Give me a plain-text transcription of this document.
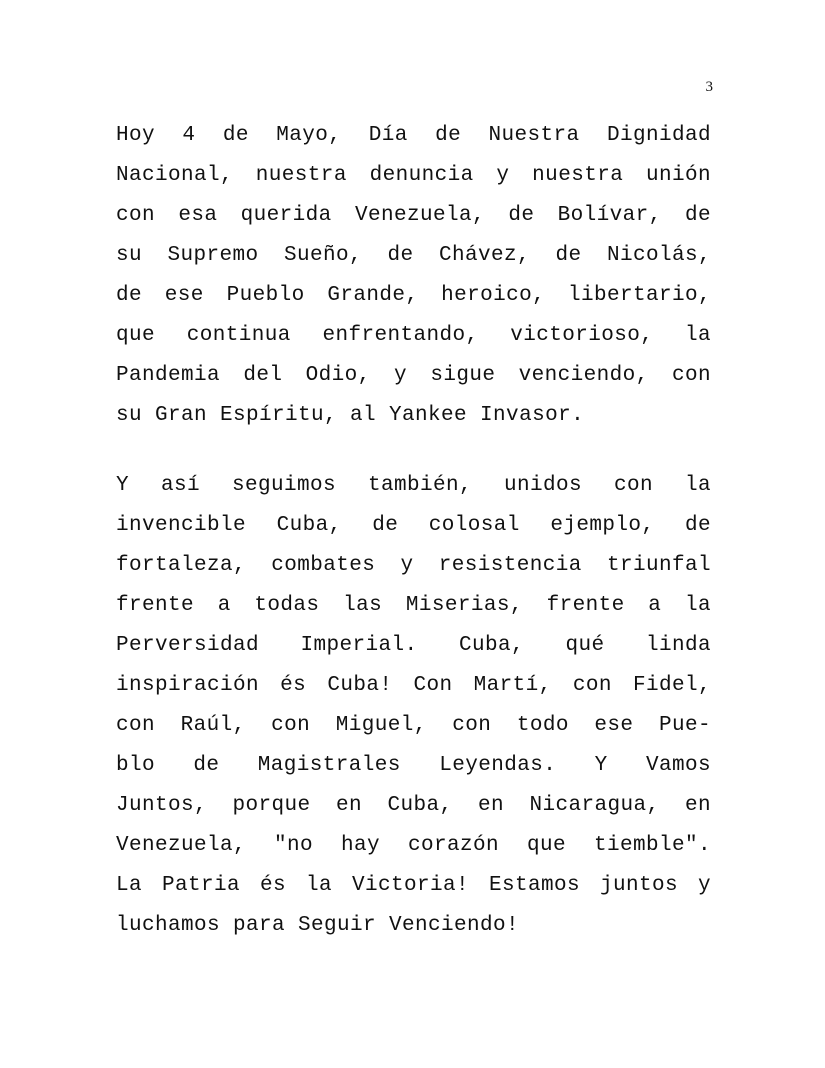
3
Hoy 4 de Mayo, Día de Nuestra Dignidad
Nacional, nuestra denuncia y nuestra unión
con esa querida Venezuela, de Bolívar, de
su Supremo Sueño, de Chávez, de Nicolás,
de ese Pueblo Grande, heroico, libertario,
que continua enfrentando, victorioso, la
Pandemia del Odio, y sigue venciendo, con
su Gran Espíritu, al Yankee Invasor.
Y así seguimos también, unidos con la
invencible Cuba, de colosal ejemplo, de
fortaleza, combates y resistencia triunfal
frente a todas las Miserias, frente a la
Perversidad Imperial. Cuba, qué linda
inspiración és Cuba! Con Martí, con Fidel,
con Raúl, con Miguel, con todo ese Pue-
blo de Magistrales Leyendas. Y Vamos
Juntos, porque en Cuba, en Nicaragua, en
Venezuela, "no hay corazón que tiemble".
La Patria és la Victoria! Estamos juntos y
luchamos para Seguir Venciendo!
